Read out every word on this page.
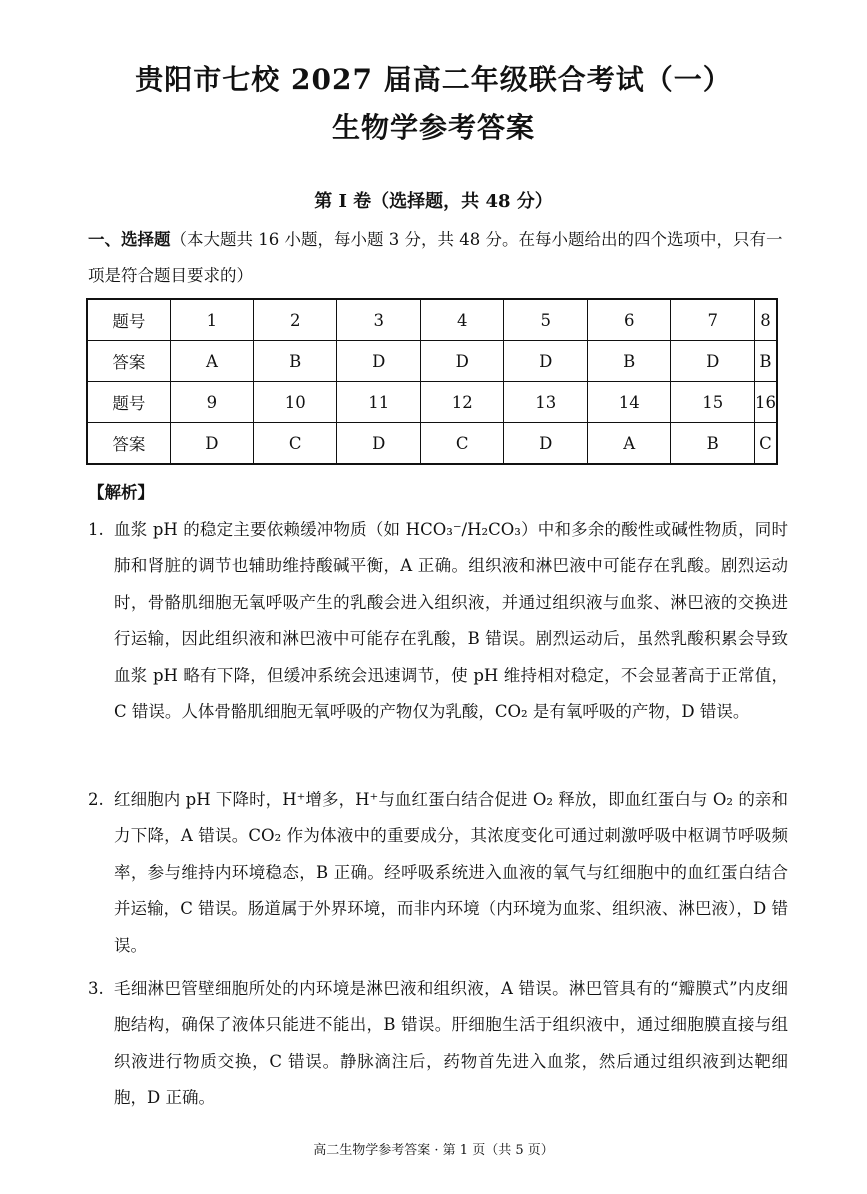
贵阳市七校 2027 届高二年级联合考试（一）
生物学参考答案
第 I 卷（选择题，共 48 分）
一、选择题（本大题共 16 小题，每小题 3 分，共 48 分。在每小题给出的四个选项中，只有一项是符合题目要求的）
题号	1	2	3	4	5	6	7	8
答案	A	B	D	D	D	B	D	B
题号	9	10	11	12	13	14	15	16
答案	D	C	D	C	D	A	B	C
【解析】
1. 血浆 pH 的稳定主要依赖缓冲物质（如 HCO₃⁻/H₂CO₃）中和多余的酸性或碱性物质，同时肺和肾脏的调节也辅助维持酸碱平衡，A 正确。组织液和淋巴液中可能存在乳酸。剧烈运动时，骨骼肌细胞无氧呼吸产生的乳酸会进入组织液，并通过组织液与血浆、淋巴液的交换进行运输，因此组织液和淋巴液中可能存在乳酸，B 错误。剧烈运动后，虽然乳酸积累会导致血浆 pH 略有下降，但缓冲系统会迅速调节，使 pH 维持相对稳定，不会显著高于正常值，C 错误。人体骨骼肌细胞无氧呼吸的产物仅为乳酸，CO₂ 是有氧呼吸的产物，D 错误。
2. 红细胞内 pH 下降时，H⁺增多，H⁺与血红蛋白结合促进 O₂ 释放，即血红蛋白与 O₂ 的亲和力下降，A 错误。CO₂ 作为体液中的重要成分，其浓度变化可通过刺激呼吸中枢调节呼吸频率，参与维持内环境稳态，B 正确。经呼吸系统进入血液的氧气与红细胞中的血红蛋白结合并运输，C 错误。肠道属于外界环境，而非内环境（内环境为血浆、组织液、淋巴液），D 错误。
3. 毛细淋巴管壁细胞所处的内环境是淋巴液和组织液，A 错误。淋巴管具有的“瓣膜式”内皮细胞结构，确保了液体只能进不能出，B 错误。肝细胞生活于组织液中，通过细胞膜直接与组织液进行物质交换，C 错误。静脉滴注后，药物首先进入血浆，然后通过组织液到达靶细胞，D 正确。
高二生物学参考答案 · 第 1 页（共 5 页）
